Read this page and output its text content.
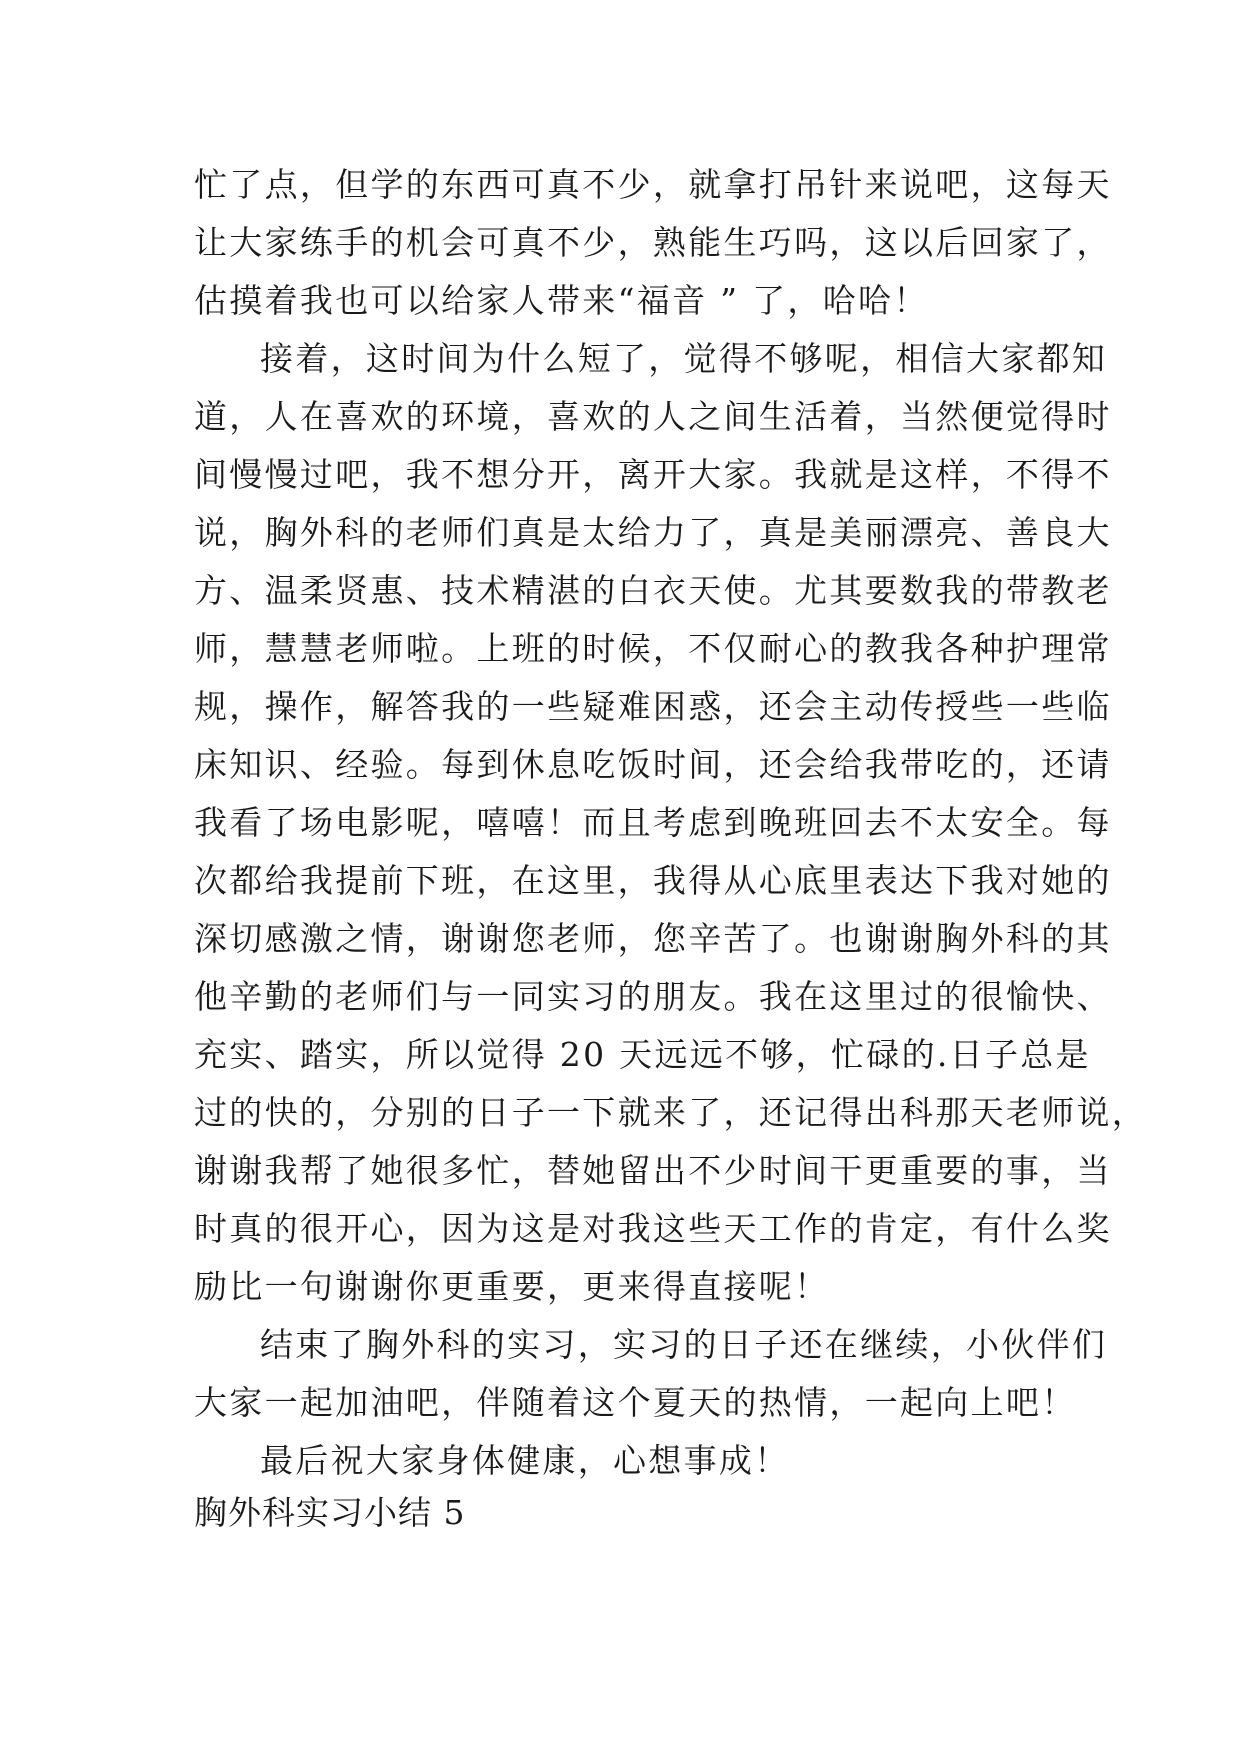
忙了点，但学的东西可真不少，就拿打吊针来说吧，这每天
让大家练手的机会可真不少，熟能生巧吗，这以后回家了，
估摸着我也可以给家人带来“福音 ” 了，哈哈！
接着，这时间为什么短了，觉得不够呢，相信大家都知
道，人在喜欢的环境，喜欢的人之间生活着，当然便觉得时
间慢慢过吧，我不想分开，离开大家。我就是这样，不得不
说，胸外科的老师们真是太给力了，真是美丽漂亮、善良大
方、温柔贤惠、技术精湛的白衣天使。尤其要数我的带教老
师，慧慧老师啦。上班的时候，不仅耐心的教我各种护理常
规，操作，解答我的一些疑难困惑，还会主动传授些一些临
床知识、经验。每到休息吃饭时间，还会给我带吃的，还请
我看了场电影呢，嘻嘻！而且考虑到晚班回去不太安全。每
次都给我提前下班，在这里，我得从心底里表达下我对她的
深切感激之情，谢谢您老师，您辛苦了。也谢谢胸外科的其
他辛勤的老师们与一同实习的朋友。我在这里过的很愉快、
充实、踏实，所以觉得 20 天远远不够，忙碌的.日子总是
过的快的，分别的日子一下就来了，还记得出科那天老师说，
谢谢我帮了她很多忙，替她留出不少时间干更重要的事，当
时真的很开心，因为这是对我这些天工作的肯定，有什么奖
励比一句谢谢你更重要，更来得直接呢！
结束了胸外科的实习，实习的日子还在继续，小伙伴们
大家一起加油吧，伴随着这个夏天的热情，一起向上吧！
最后祝大家身体健康，心想事成！
胸外科实习小结 5
